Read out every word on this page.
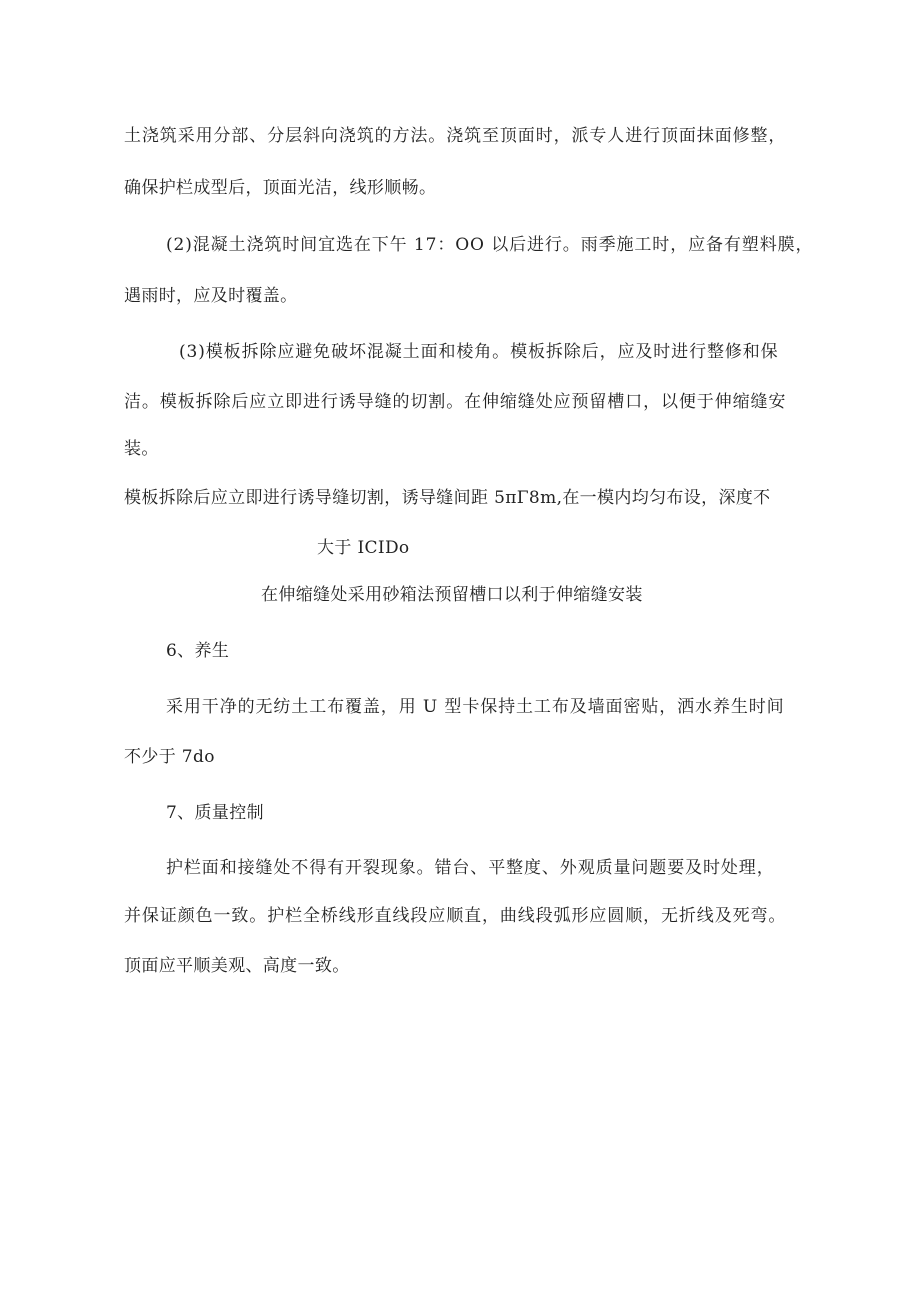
土浇筑采用分部、分层斜向浇筑的方法。浇筑至顶面时，派专人进行顶面抹面修整，
确保护栏成型后，顶面光洁，线形顺畅。
(2)混凝土浇筑时间宜选在下午 17：OO 以后进行。雨季施工时，应备有塑料膜，
遇雨时，应及时覆盖。
(3)模板拆除应避免破坏混凝土面和棱角。模板拆除后，应及时进行整修和保
洁。模板拆除后应立即进行诱导缝的切割。在伸缩缝处应预留槽口，以便于伸缩缝安
装。
模板拆除后应立即进行诱导缝切割，诱导缝间距 5πΓ8m,在一模内均匀布设，深度不
大于 ICIDo
在伸缩缝处采用砂箱法预留槽口以利于伸缩缝安装
6、养生
采用干净的无纺土工布覆盖，用 U 型卡保持土工布及墙面密贴，洒水养生时间
不少于 7do
7、质量控制
护栏面和接缝处不得有开裂现象。错台、平整度、外观质量问题要及时处理，
并保证颜色一致。护栏全桥线形直线段应顺直，曲线段弧形应圆顺，无折线及死弯。
顶面应平顺美观、高度一致。
